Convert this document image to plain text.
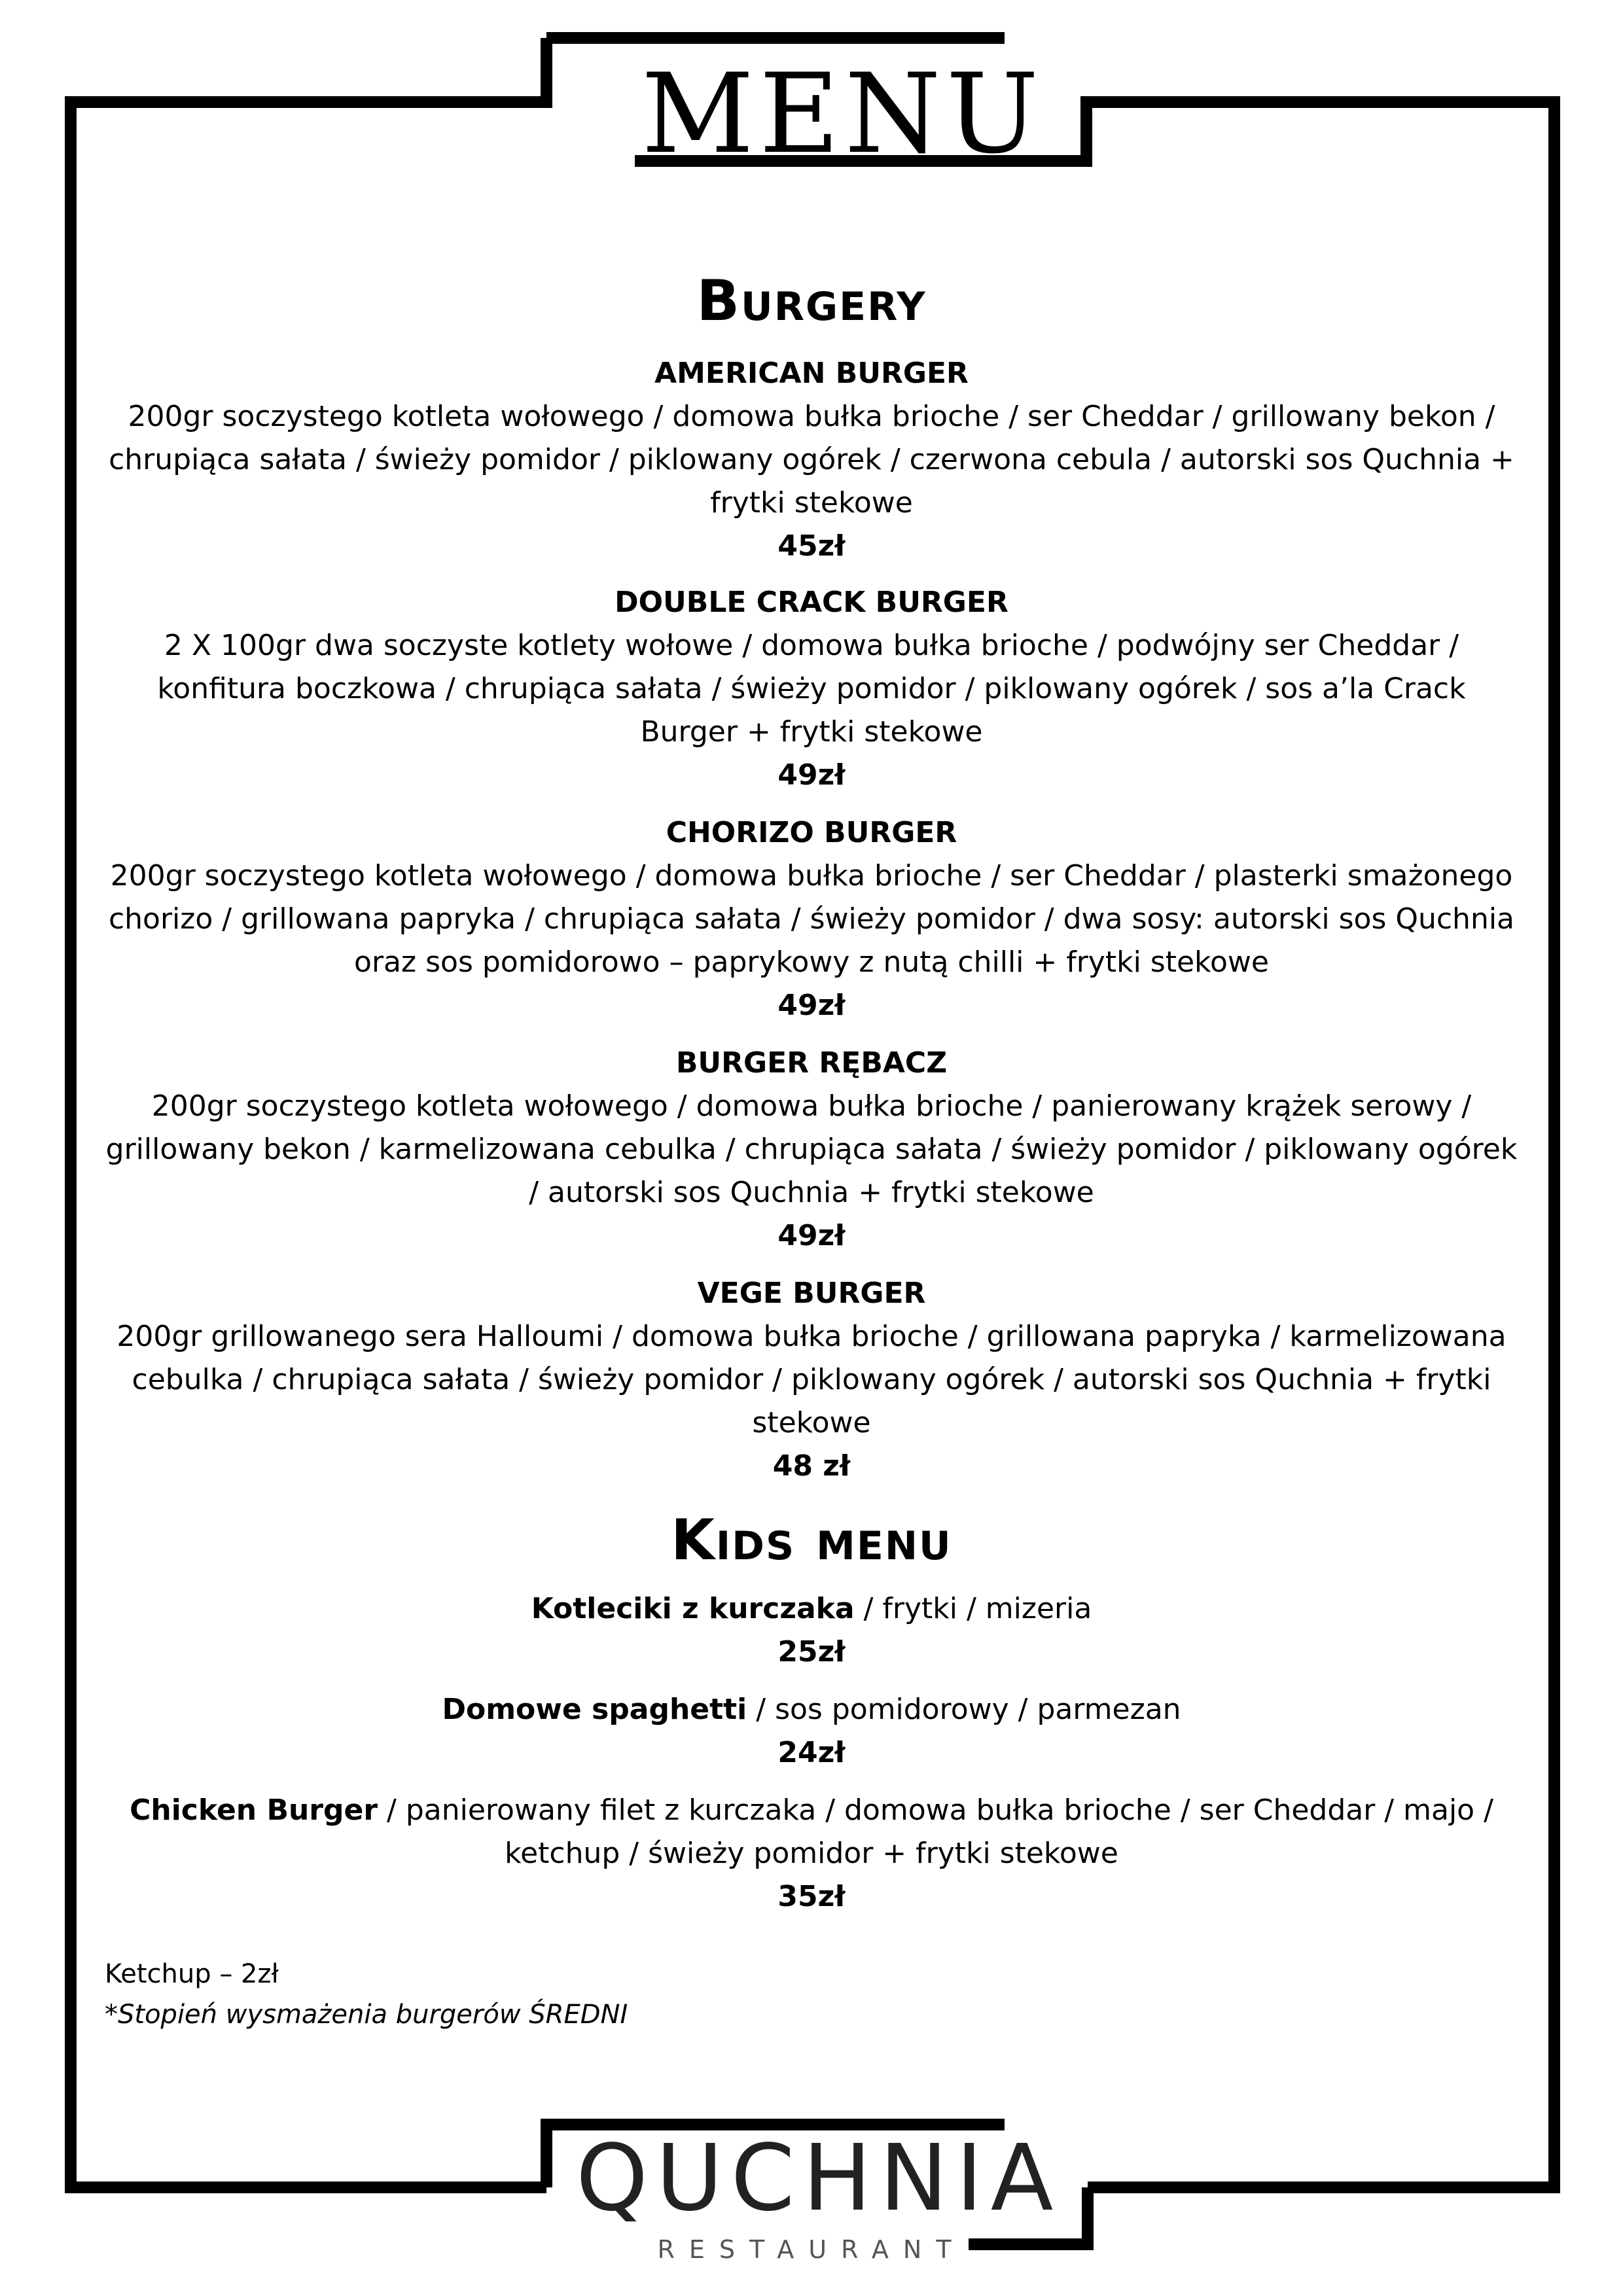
MENU
Burgery
AMERICAN BURGER
200gr soczystego kotleta wołowego / domowa bułka brioche / ser Cheddar / grillowany bekon / chrupiąca sałata / świeży pomidor / piklowany ogórek / czerwona cebula / autorski sos Quchnia + frytki stekowe
45zł
DOUBLE CRACK BURGER
2 X 100gr dwa soczyste kotlety wołowe / domowa bułka brioche / podwójny ser Cheddar / konfitura boczkowa / chrupiąca sałata / świeży pomidor / piklowany ogórek / sos a’la Crack Burger + frytki stekowe
49zł
CHORIZO BURGER
200gr soczystego kotleta wołowego / domowa bułka brioche / ser Cheddar / plasterki smażonego chorizo / grillowana papryka / chrupiąca sałata / świeży pomidor / dwa sosy: autorski sos Quchnia oraz sos pomidorowo – paprykowy z nutą chilli + frytki stekowe
49zł
BURGER RĘBACZ
200gr soczystego kotleta wołowego / domowa bułka brioche / panierowany krążek serowy / grillowany bekon / karmelizowana cebulka / chrupiąca sałata / świeży pomidor / piklowany ogórek / autorski sos Quchnia + frytki stekowe
49zł
VEGE BURGER
200gr grillowanego sera Halloumi / domowa bułka brioche / grillowana papryka / karmelizowana cebulka / chrupiąca sałata / świeży pomidor / piklowany ogórek / autorski sos Quchnia + frytki stekowe
48 zł
Kids menu
Kotleciki z kurczaka / frytki / mizeria
25zł
Domowe spaghetti / sos pomidorowy / parmezan
24zł
Chicken Burger / panierowany filet z kurczaka / domowa bułka brioche / ser Cheddar / majo / ketchup / świeży pomidor + frytki stekowe
35zł
Ketchup – 2zł
*Stopień wysmażenia burgerów ŚREDNI
QUCHNIA
RESTAURANT
